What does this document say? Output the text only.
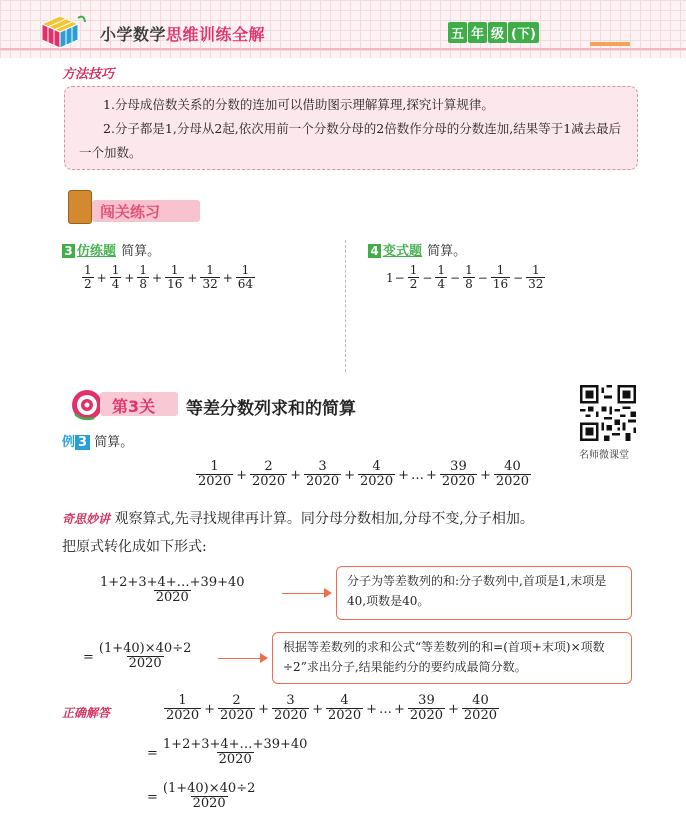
小学数学思维训练全解	五 年 级 (下)
方法技巧

1.分母成倍数关系的分数的连加可以借助图示理解算理,探究计算规律。

2.分子都是1,分母从2起,依次用前一个分数分母的2倍数作分母的分数连加,结果等于1减去最后一个加数。

闯关练习
3 仿练题 简算。
$\frac{1}{2} + \frac{1}{4} + \frac{1}{8} + \frac{1}{16} + \frac{1}{32} + \frac{1}{64}$
4 变式题 简算。
$1 - \frac{1}{2} - \frac{1}{4} - \frac{1}{8} - \frac{1}{16} - \frac{1}{32}$
第3关 等差分数列求和的简算
名师微课堂
例 3 简算。
$\frac{1}{2020} + \frac{2}{2020} + \frac{3}{2020} + \frac{4}{2020}$ + … + $\frac{39}{2020} + \frac{40}{2020}$
奇思妙讲 观察算式,先寻找规律再计算。同分母分数相加,分母不变,分子相加。
把原式转化成如下形式:
$\frac{1+2+3+4+\dots+39+40}{2020}$	分子为等差数列的和:分子数列中,首项是1,末项是40,项数是40。
= $\frac{(1+40)\times 40\div 2}{2020}$	根据等差数列的求和公式“等差数列的和=(首项+末项)×项数÷2”求出分子,结果能约分的要约成最简分数。
正确解答	$\frac{1}{2020} + \frac{2}{2020} + \frac{3}{2020} + \frac{4}{2020}$ + … + $\frac{39}{2020} + \frac{40}{2020}$
= $\frac{1+2+3+4+\dots+39+40}{2020}$
= $\frac{(1+40)\times 40\div 2}{2020}$
